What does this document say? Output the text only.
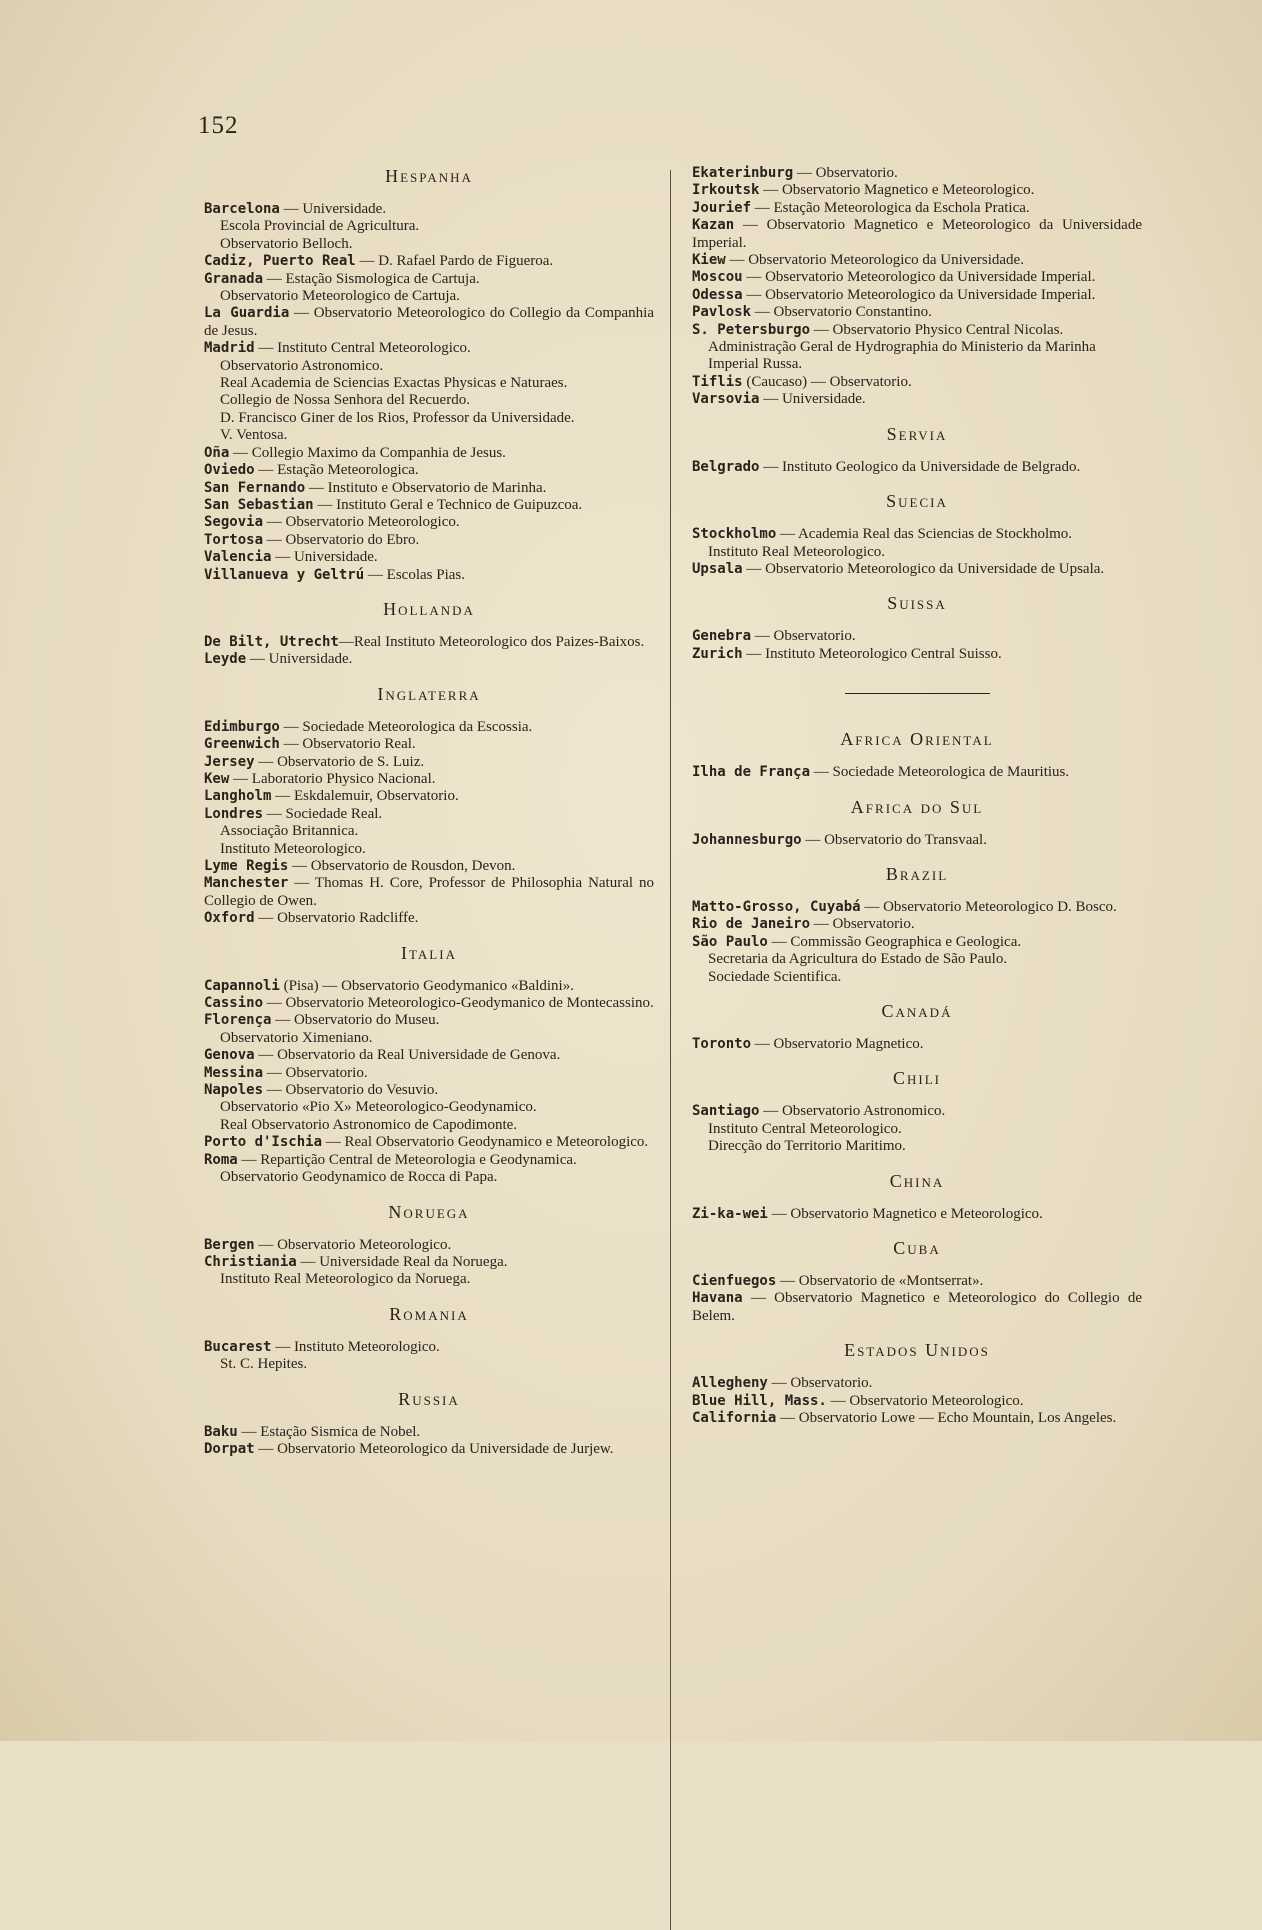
152
Hespanha

Barcelona — Universidade.

Escola Provincial de Agricultura.

Observatorio Belloch.

Cadiz, Puerto Real — D. Rafael Pardo de Figueroa.

Granada — Estação Sismologica de Cartuja.

Observatorio Meteorologico de Cartuja.

La Guardia — Observatorio Meteorologico do Collegio da Companhia de Jesus.

Madrid — Instituto Central Meteorologico.

Observatorio Astronomico.

Real Academia de Sciencias Exactas Physicas e Naturaes.

Collegio de Nossa Senhora del Recuerdo.

D. Francisco Giner de los Rios, Professor da Universidade.

V. Ventosa.

Oña — Collegio Maximo da Companhia de Jesus.

Oviedo — Estação Meteorologica.

San Fernando — Instituto e Observatorio de Marinha.

San Sebastian — Instituto Geral e Technico de Guipuzcoa.

Segovia — Observatorio Meteorologico.

Tortosa — Observatorio do Ebro.

Valencia — Universidade.

Villanueva y Geltrú — Escolas Pias.

Hollanda

De Bilt, Utrecht—Real Instituto Meteorologico dos Paizes-Baixos.

Leyde — Universidade.

Inglaterra

Edimburgo — Sociedade Meteorologica da Escossia.

Greenwich — Observatorio Real.

Jersey — Observatorio de S. Luiz.

Kew — Laboratorio Physico Nacional.

Langholm — Eskdalemuir, Observatorio.

Londres — Sociedade Real.

Associação Britannica.

Instituto Meteorologico.

Lyme Regis — Observatorio de Rousdon, Devon.

Manchester — Thomas H. Core, Professor de Philosophia Natural no Collegio de Owen.

Oxford — Observatorio Radcliffe.

Italia

Capannoli (Pisa) — Observatorio Geodymanico «Baldini».

Cassino — Observatorio Meteorologico-Geodymanico de Montecassino.

Florença — Observatorio do Museu.

Observatorio Ximeniano.

Genova — Observatorio da Real Universidade de Genova.

Messina — Observatorio.

Napoles — Observatorio do Vesuvio.

Observatorio «Pio X» Meteorologico-Geodynamico.

Real Observatorio Astronomico de Capodimonte.

Porto d'Ischia — Real Observatorio Geodynamico e Meteorologico.

Roma — Repartição Central de Meteorologia e Geodynamica.

Observatorio Geodynamico de Rocca di Papa.

Noruega

Bergen — Observatorio Meteorologico.

Christiania — Universidade Real da Noruega.

Instituto Real Meteorologico da Noruega.

Romania

Bucarest — Instituto Meteorologico.

St. C. Hepites.

Russia

Baku — Estação Sismica de Nobel.

Dorpat — Observatorio Meteorologico da Universidade de Jurjew.

Ekaterinburg — Observatorio.

Irkoutsk — Observatorio Magnetico e Meteorologico.

Jourief — Estação Meteorologica da Eschola Pratica.

Kazan — Observatorio Magnetico e Meteorologico da Universidade Imperial.

Kiew — Observatorio Meteorologico da Universidade.

Moscou — Observatorio Meteorologico da Universidade Imperial.

Odessa — Observatorio Meteorologico da Universidade Imperial.

Pavlosk — Observatorio Constantino.

S. Petersburgo — Observatorio Physico Central Nicolas.

Administração Geral de Hydrographia do Ministerio da Marinha Imperial Russa.

Tiflis (Caucaso) — Observatorio.

Varsovia — Universidade.

Servia

Belgrado — Instituto Geologico da Universidade de Belgrado.

Suecia

Stockholmo — Academia Real das Sciencias de Stockholmo.

Instituto Real Meteorologico.

Upsala — Observatorio Meteorologico da Universidade de Upsala.

Suissa

Genebra — Observatorio.

Zurich — Instituto Meteorologico Central Suisso.

Africa Oriental

Ilha de França — Sociedade Meteorologica de Mauritius.

Africa do Sul

Johannesburgo — Observatorio do Transvaal.

Brazil

Matto-Grosso, Cuyabá — Observatorio Meteorologico D. Bosco.

Rio de Janeiro — Observatorio.

São Paulo — Commissão Geographica e Geologica.

Secretaria da Agricultura do Estado de São Paulo.

Sociedade Scientifica.

Canadá

Toronto — Observatorio Magnetico.

Chili

Santiago — Observatorio Astronomico.

Instituto Central Meteorologico.

Direcção do Territorio Maritimo.

China

Zi-ka-wei — Observatorio Magnetico e Meteorologico.

Cuba

Cienfuegos — Observatorio de «Montserrat».

Havana — Observatorio Magnetico e Meteorologico do Collegio de Belem.

Estados Unidos

Allegheny — Observatorio.

Blue Hill, Mass. — Observatorio Meteorologico.

California — Observatorio Lowe — Echo Mountain, Los Angeles.
